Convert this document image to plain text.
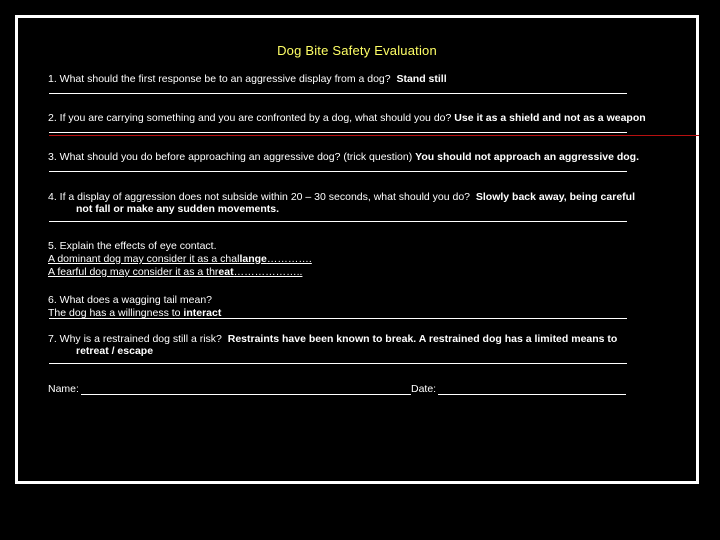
Dog Bite Safety Evaluation
1. What should the first response be to an aggressive display from a dog? Stand still
2. If you are carrying something and you are confronted by a dog, what should you do? Use it as a shield and not as a weapon
3. What should you do before approaching an aggressive dog? (trick question) You should not approach an aggressive dog.
4. If a display of aggression does not subside within 20 – 30 seconds, what should you do? Slowly back away, being careful
not fall or make any sudden movements.
5. Explain the effects of eye contact.
A dominant dog may consider it as a challange………….
A fearful dog may consider it as a threat………………..
6. What does a wagging tail mean?
The dog has a willingness to interact
7. Why is a restrained dog still a risk? Restraints have been known to break. A restrained dog has a limited means to
retreat / escape
Name:	Date:
